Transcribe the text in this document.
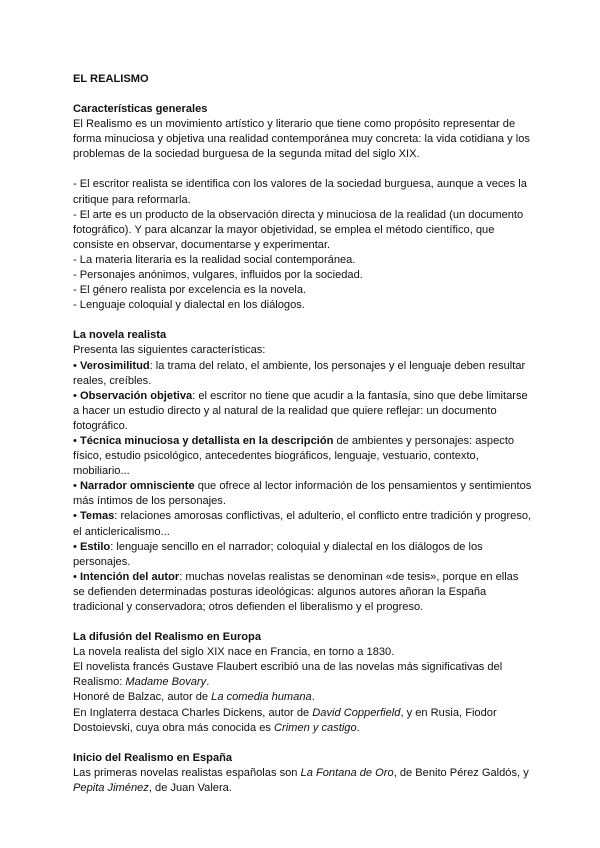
EL REALISMO
Características generales
El Realismo es un movimiento artístico y literario que tiene como propósito representar de forma minuciosa y objetiva una realidad contemporánea muy concreta: la vida cotidiana y los problemas de la sociedad burguesa de la segunda mitad del siglo XIX.
- El escritor realista se identifica con los valores de la sociedad burguesa, aunque a veces la critique para reformarla.
- El arte es un producto de la observación directa y minuciosa de la realidad (un documento fotográfico). Y para alcanzar la mayor objetividad, se emplea el método científico, que consiste en observar, documentarse y experimentar.
- La materia literaria es la realidad social contemporánea.
- Personajes anónimos, vulgares, influidos por la sociedad.
- El género realista por excelencia es la novela.
- Lenguaje coloquial y dialectal en los diálogos.
La novela realista
Presenta las siguientes características:
• Verosimilitud: la trama del relato, el ambiente, los personajes y el lenguaje deben resultar reales, creíbles.
• Observación objetiva: el escritor no tiene que acudir a la fantasía, sino que debe limitarse a hacer un estudio directo y al natural de la realidad que quiere reflejar: un documento fotográfico.
• Técnica minuciosa y detallista en la descripción de ambientes y personajes: aspecto físico, estudio psicológico, antecedentes biográficos, lenguaje, vestuario, contexto, mobiliario...
• Narrador omnisciente que ofrece al lector información de los pensamientos y sentimientos más íntimos de los personajes.
• Temas: relaciones amorosas conflictivas, el adulterio, el conflicto entre tradición y progreso, el anticlericalismo...
• Estilo: lenguaje sencillo en el narrador; coloquial y dialectal en los diálogos de los personajes.
• Intención del autor: muchas novelas realistas se denominan «de tesis», porque en ellas se defienden determinadas posturas ideológicas: algunos autores añoran la España tradicional y conservadora; otros defienden el liberalismo y el progreso.
La difusión del Realismo en Europa
La novela realista del siglo XIX nace en Francia, en torno a 1830.
El novelista francés Gustave Flaubert escribió una de las novelas más significativas del Realismo: Madame Bovary.
Honoré de Balzac, autor de La comedia humana.
En Inglaterra destaca Charles Dickens, autor de David Copperfield, y en Rusia, Fiodor Dostoievski, cuya obra más conocida es Crimen y castigo.
Inicio del Realismo en España
Las primeras novelas realistas españolas son La Fontana de Oro, de Benito Pérez Galdós, y Pepita Jiménez, de Juan Valera.
